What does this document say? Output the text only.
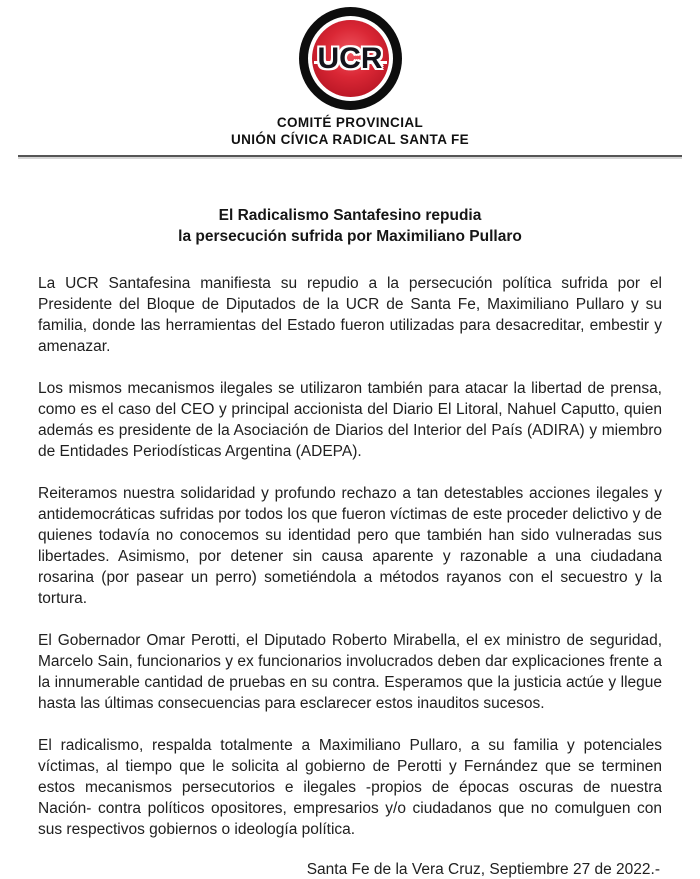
UCR
COMITÉ PROVINCIAL
UNIÓN CÍVICA RADICAL SANTA FE
El Radicalismo Santafesino repudia
la persecución sufrida por Maximiliano Pullaro

La UCR Santafesina manifiesta su repudio a la persecución política sufrida por el Presidente del Bloque de Diputados de la UCR de Santa Fe, Maximiliano Pullaro y su familia, donde las herramientas del Estado fueron utilizadas para desacreditar, embestir y amenazar.

Los mismos mecanismos ilegales se utilizaron también para atacar la libertad de prensa, como es el caso del CEO y principal accionista del Diario El Litoral, Nahuel Caputto, quien además es presidente de la Asociación de Diarios del Interior del País (ADIRA) y miembro de Entidades Periodísticas Argentina (ADEPA).

Reiteramos nuestra solidaridad y profundo rechazo a tan detestables acciones ilegales y antidemocráticas sufridas por todos los que fueron víctimas de este proceder delictivo y de quienes todavía no conocemos su identidad pero que también han sido vulneradas sus libertades. Asimismo, por detener sin causa aparente y razonable a una ciudadana rosarina (por pasear un perro) sometiéndola a métodos rayanos con el secuestro y la tortura.

El Gobernador Omar Perotti, el Diputado Roberto Mirabella, el ex ministro de seguridad, Marcelo Sain, funcionarios y ex funcionarios involucrados deben dar explicaciones frente a la innumerable cantidad de pruebas en su contra. Esperamos que la justicia actúe y llegue hasta las últimas consecuencias para esclarecer estos inauditos sucesos.

El radicalismo, respalda totalmente a Maximiliano Pullaro, a su familia y potenciales víctimas, al tiempo que le solicita al gobierno de Perotti y Fernández que se terminen estos mecanismos persecutorios e ilegales -propios de épocas oscuras de nuestra Nación- contra políticos opositores, empresarios y/o ciudadanos que no comulguen con sus respectivos gobiernos o ideología política.

Santa Fe de la Vera Cruz, Septiembre 27 de 2022.-
